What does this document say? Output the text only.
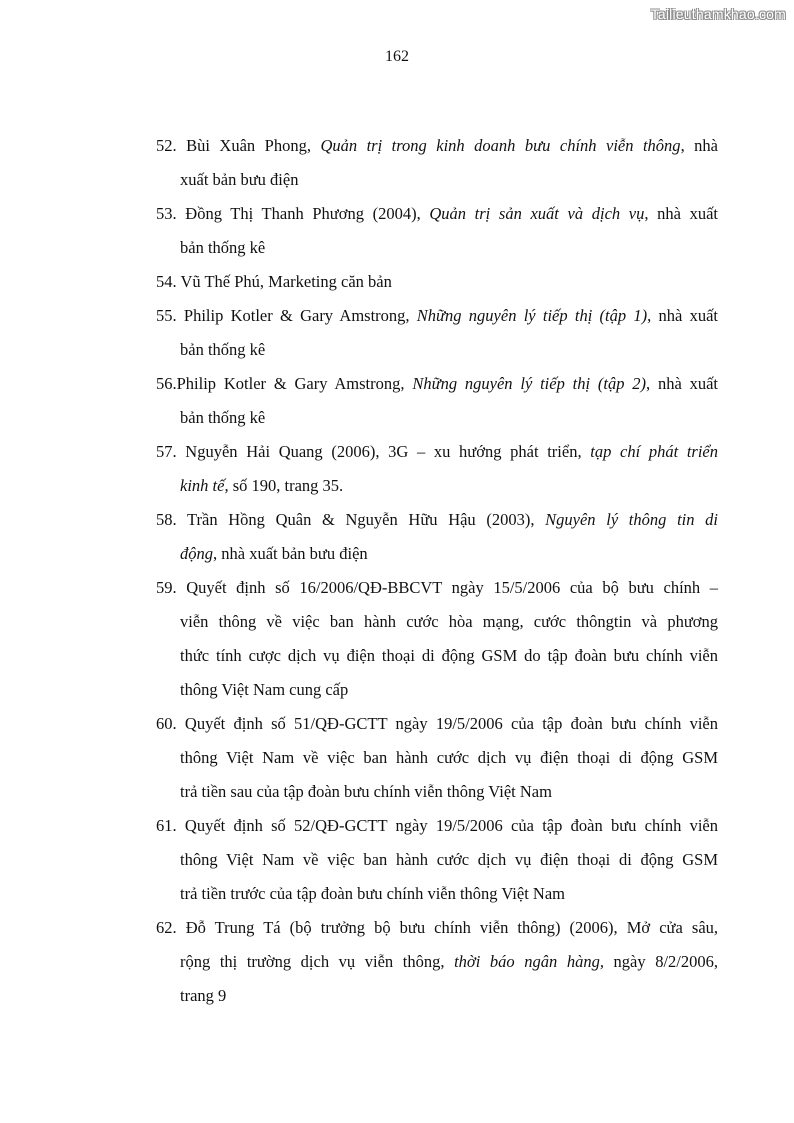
Tailieuthamkhao.com
162
52. Bùi Xuân Phong, Quản trị trong kinh doanh bưu chính viễn thông, nhà
xuất bản bưu điện
53. Đồng Thị Thanh Phương (2004), Quản trị sản xuất và dịch vụ, nhà xuất
bản thống kê
54. Vũ Thế Phú, Marketing căn bản
55. Philip Kotler & Gary Amstrong, Những nguyên lý tiếp thị (tập 1), nhà xuất
bản thống kê
56.Philip Kotler & Gary Amstrong, Những nguyên lý tiếp thị (tập 2), nhà xuất
bản thống kê
57. Nguyễn Hải Quang (2006), 3G – xu hướng phát triển, tạp chí phát triển
kinh tế, số 190, trang 35.
58. Trần Hồng Quân & Nguyễn Hữu Hậu (2003), Nguyên lý thông tin di
động, nhà xuất bản bưu điện
59. Quyết định số 16/2006/QĐ-BBCVT ngày 15/5/2006 của bộ bưu chính –
viễn thông về việc ban hành cước hòa mạng, cước thôngtin và phương
thức tính cược dịch vụ điện thoại di động GSM do tập đoàn bưu chính viễn
thông Việt Nam cung cấp
60. Quyết định số 51/QĐ-GCTT ngày 19/5/2006 của tập đoàn bưu chính viễn
thông Việt Nam về việc ban hành cước dịch vụ điện thoại di động GSM
trả tiền sau của tập đoàn bưu chính viễn thông Việt Nam
61. Quyết định số 52/QĐ-GCTT ngày 19/5/2006 của tập đoàn bưu chính viễn
thông Việt Nam về việc ban hành cước dịch vụ điện thoại di động GSM
trả tiền trước của tập đoàn bưu chính viễn thông Việt Nam
62. Đỗ Trung Tá (bộ trưởng bộ bưu chính viễn thông) (2006), Mở cửa sâu,
rộng thị trường dịch vụ viễn thông, thời báo ngân hàng, ngày 8/2/2006,
trang 9
